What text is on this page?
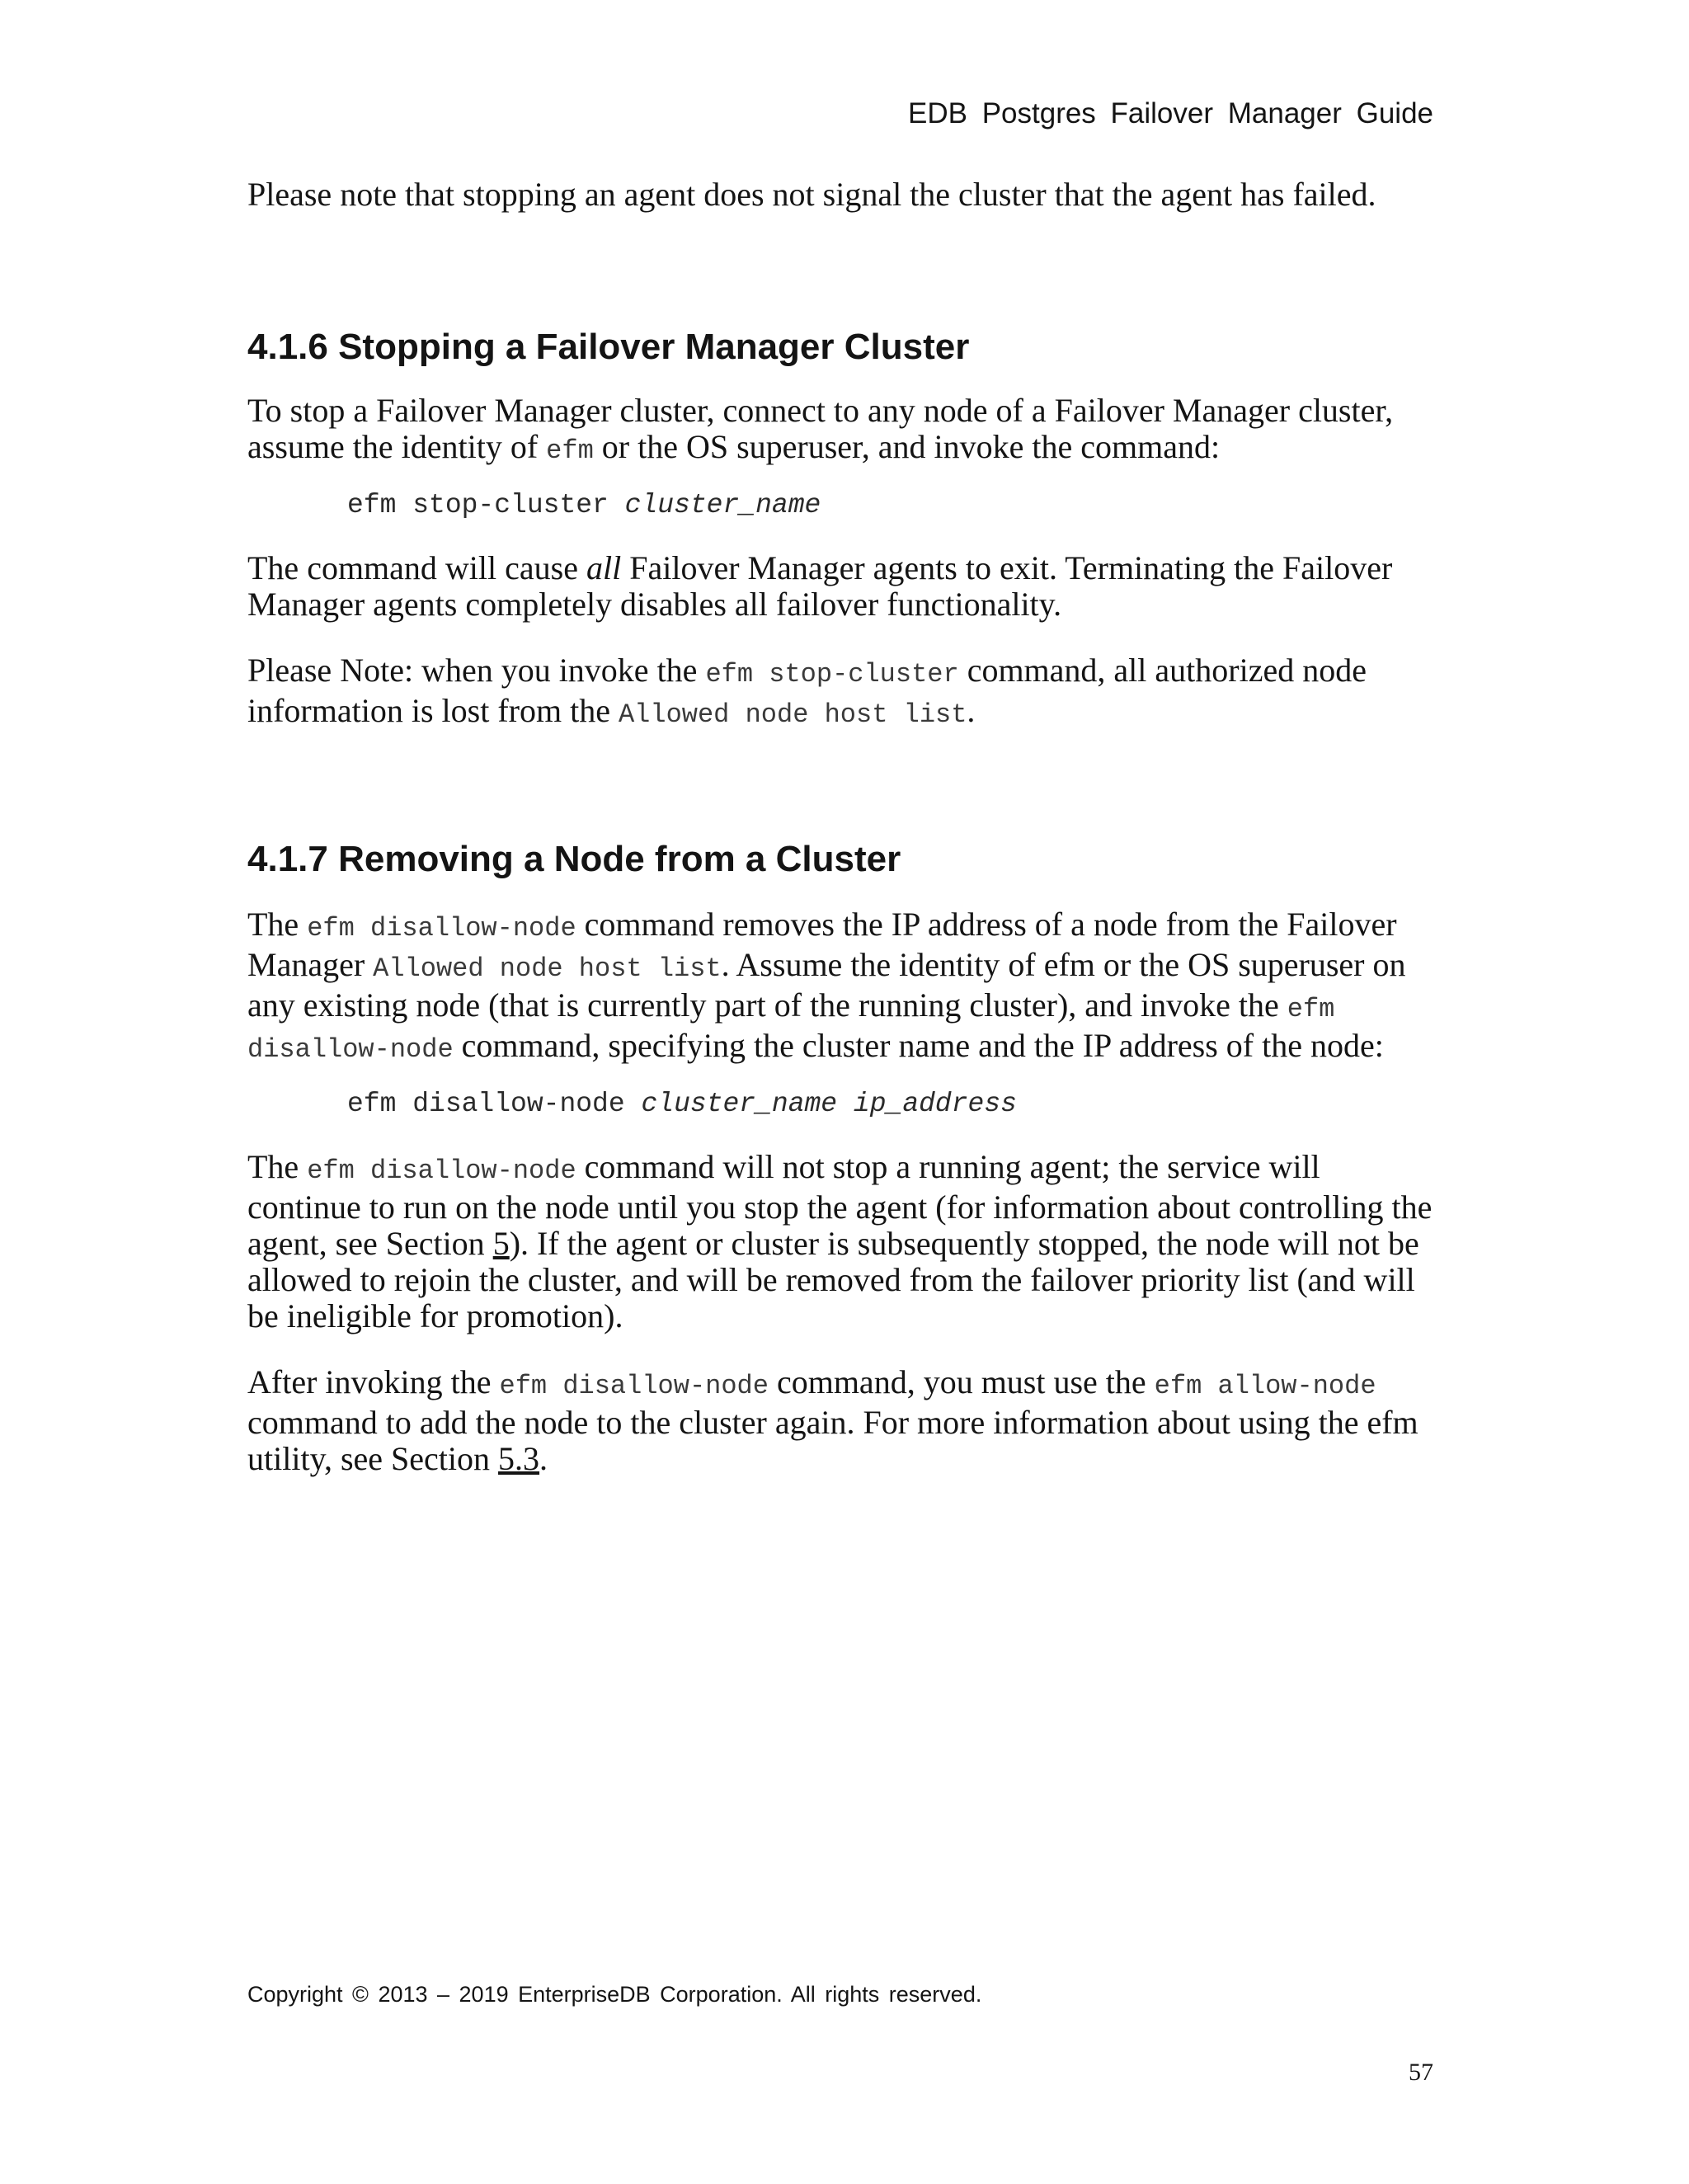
EDB Postgres Failover Manager Guide

Please note that stopping an agent does not signal the cluster that the agent has failed.

4.1.6 Stopping a Failover Manager Cluster

To stop a Failover Manager cluster, connect to any node of a Failover Manager cluster, assume the identity of efm or the OS superuser, and invoke the command:

efm stop-cluster cluster_name

The command will cause all Failover Manager agents to exit. Terminating the Failover Manager agents completely disables all failover functionality.

Please Note: when you invoke the efm stop-cluster command, all authorized node information is lost from the Allowed node host list.

4.1.7 Removing a Node from a Cluster

The efm disallow-node command removes the IP address of a node from the Failover Manager Allowed node host list. Assume the identity of efm or the OS superuser on any existing node (that is currently part of the running cluster), and invoke the efm disallow-node command, specifying the cluster name and the IP address of the node:

efm disallow-node cluster_name ip_address

The efm disallow-node command will not stop a running agent; the service will continue to run on the node until you stop the agent (for information about controlling the agent, see Section 5). If the agent or cluster is subsequently stopped, the node will not be allowed to rejoin the cluster, and will be removed from the failover priority list (and will be ineligible for promotion).

After invoking the efm disallow-node command, you must use the efm allow-node command to add the node to the cluster again. For more information about using the efm utility, see Section 5.3.

Copyright © 2013 – 2019 EnterpriseDB Corporation. All rights reserved.
57
